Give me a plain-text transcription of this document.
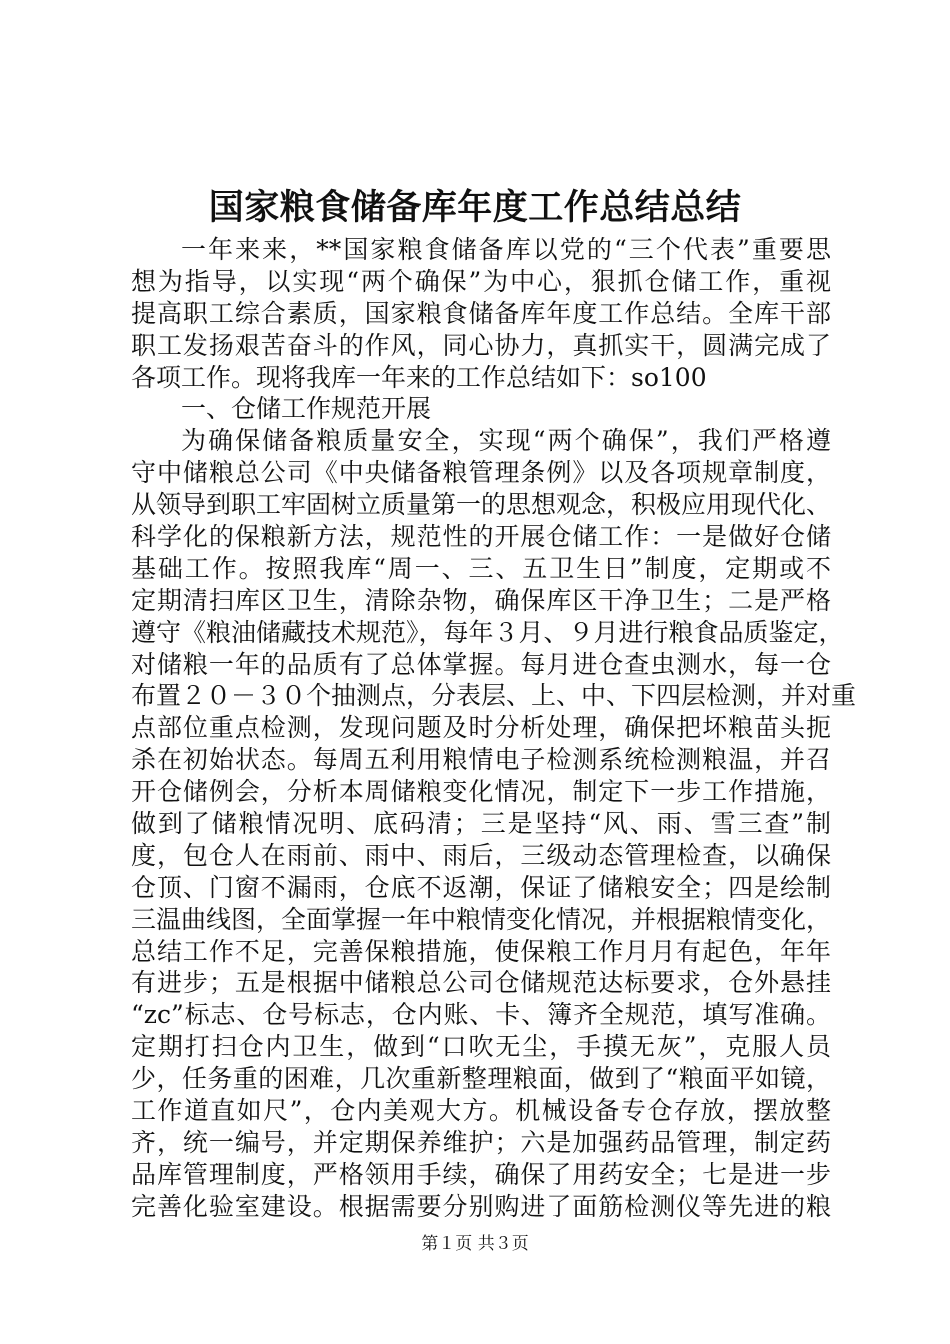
国家粮食储备库年度工作总结总结
一年来来，**国家粮食储备库以党的“三个代表”重要思
想为指导，以实现“两个确保”为中心，狠抓仓储工作，重视
提高职工综合素质，国家粮食储备库年度工作总结。全库干部
职工发扬艰苦奋斗的作风，同心协力，真抓实干，圆满完成了
各项工作。现将我库一年来的工作总结如下：so100
一、仓储工作规范开展
为确保储备粮质量安全，实现“两个确保”，我们严格遵
守中储粮总公司《中央储备粮管理条例》以及各项规章制度，
从领导到职工牢固树立质量第一的思想观念，积极应用现代化、
科学化的保粮新方法，规范性的开展仓储工作：一是做好仓储
基础工作。按照我库“周一、三、五卫生日”制度，定期或不
定期清扫库区卫生，清除杂物，确保库区干净卫生；二是严格
遵守《粮油储藏技术规范》，每年３月、９月进行粮食品质鉴定，
对储粮一年的品质有了总体掌握。每月进仓查虫测水，每一仓
布置２０－３０个抽测点，分表层、上、中、下四层检测，并对重
点部位重点检测，发现问题及时分析处理，确保把坏粮苗头扼
杀在初始状态。每周五利用粮情电子检测系统检测粮温，并召
开仓储例会，分析本周储粮变化情况，制定下一步工作措施，
做到了储粮情况明、底码清；三是坚持“风、雨、雪三查”制
度，包仓人在雨前、雨中、雨后，三级动态管理检查，以确保
仓顶、门窗不漏雨，仓底不返潮，保证了储粮安全；四是绘制
三温曲线图，全面掌握一年中粮情变化情况，并根据粮情变化，
总结工作不足，完善保粮措施，使保粮工作月月有起色，年年
有进步；五是根据中储粮总公司仓储规范达标要求，仓外悬挂
“zc”标志、仓号标志，仓内账、卡、簿齐全规范，填写准确。
定期打扫仓内卫生，做到“口吹无尘，手摸无灰”，克服人员
少，任务重的困难，几次重新整理粮面，做到了“粮面平如镜，
工作道直如尺”，仓内美观大方。机械设备专仓存放，摆放整
齐，统一编号，并定期保养维护；六是加强药品管理，制定药
品库管理制度，严格领用手续，确保了用药安全；七是进一步
完善化验室建设。根据需要分别购进了面筋检测仪等先进的粮
第１页 共３页
